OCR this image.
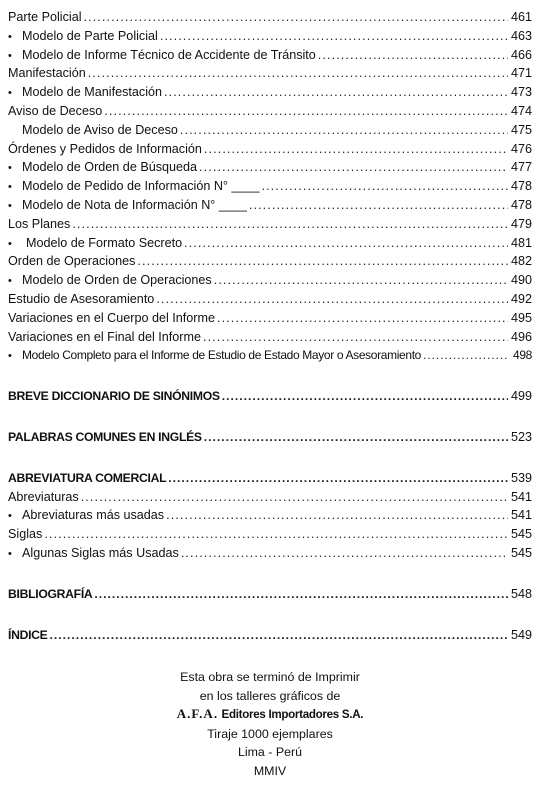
Parte Policial . . .	461
• Modelo de Parte Policial . . .	463
• Modelo de Informe Técnico de Accidente de Tránsito . . .	466
Manifestación . . .	471
• Modelo de Manifestación . . .	473
Aviso de Deceso . . .	474
Modelo de Aviso de Deceso . . .	475
Órdenes y Pedidos de Información . . .	476
• Modelo de Orden de Búsqueda . . .	477
• Modelo de Pedido de Información N° ____ . . .	478
• Modelo de Nota de Información N° ____ . . .	478
Los Planes . . .	479
•	Modelo de Formato Secreto . . .	481
Orden de Operaciones . . .	482
• Modelo de Orden de Operaciones . . .	490
Estudio de Asesoramiento . . .	492
Variaciones en el Cuerpo del Informe . . .	495
Variaciones en el Final del Informe . . .	496
• Modelo Completo para el Informe de Estudio de Estado Mayor o Asesoramiento . . .	498
BREVE DICCIONARIO DE SINÓNIMOS . . .	499
PALABRAS COMUNES EN INGLÉS . . .	523
ABREVIATURA COMERCIAL . . .	539
Abreviaturas . . .	541
• Abreviaturas más usadas . . .	541
Siglas . . .	545
• Algunas Siglas más Usadas . . .	545
BIBLIOGRAFÍA . . .	548
ÍNDICE . . .	549
Esta obra se terminó de Imprimir
en los talleres gráficos de
A.F.A. Editores Importadores S.A.
Tiraje 1000 ejemplares
Lima - Perú
MMIV
